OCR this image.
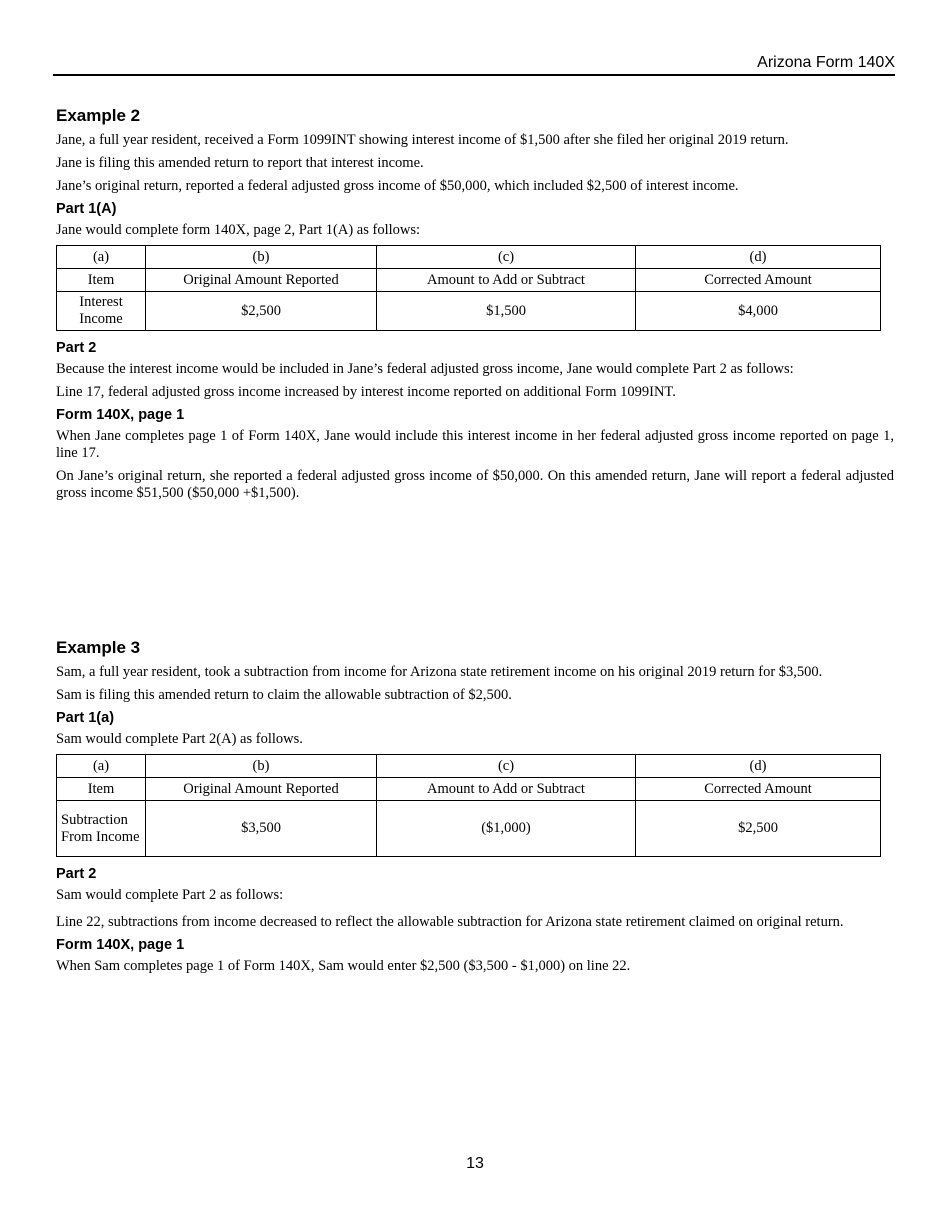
Arizona Form 140X
Example 2

Jane, a full year resident, received a Form 1099INT showing interest income of $1,500 after she filed her original 2019 return.

Jane is filing this amended return to report that interest income.

Jane’s original return, reported a federal adjusted gross income of $50,000, which included $2,500 of interest income.

Part 1(A)

Jane would complete form 140X, page 2, Part 1(A) as follows:

(a)	(b)	(c)	(d)
Item	Original Amount Reported	Amount to Add or Subtract	Corrected Amount
Interest Income	$2,500	$1,500	$4,000
Part 2

Because the interest income would be included in Jane’s federal adjusted gross income, Jane would complete Part 2 as follows:

Line 17, federal adjusted gross income increased by interest income reported on additional Form 1099INT.

Form 140X, page 1

When Jane completes page 1 of Form 140X, Jane would include this interest income in her federal adjusted gross income reported on page 1, line 17.

On Jane’s original return, she reported a federal adjusted gross income of $50,000. On this amended return, Jane will report a federal adjusted gross income $51,500 ($50,000 +$1,500).

Example 3

Sam, a full year resident, took a subtraction from income for Arizona state retirement income on his original 2019 return for $3,500.

Sam is filing this amended return to claim the allowable subtraction of $2,500.

Part 1(a)

Sam would complete Part 2(A) as follows.

(a)	(b)	(c)	(d)
Item	Original Amount Reported	Amount to Add or Subtract	Corrected Amount
Subtraction From Income	$3,500	($1,000)	$2,500
Part 2

Sam would complete Part 2 as follows:

Line 22, subtractions from income decreased to reflect the allowable subtraction for Arizona state retirement claimed on original return.

Form 140X, page 1

When Sam completes page 1 of Form 140X, Sam would enter $2,500 ($3,500 - $1,000) on line 22.

13
